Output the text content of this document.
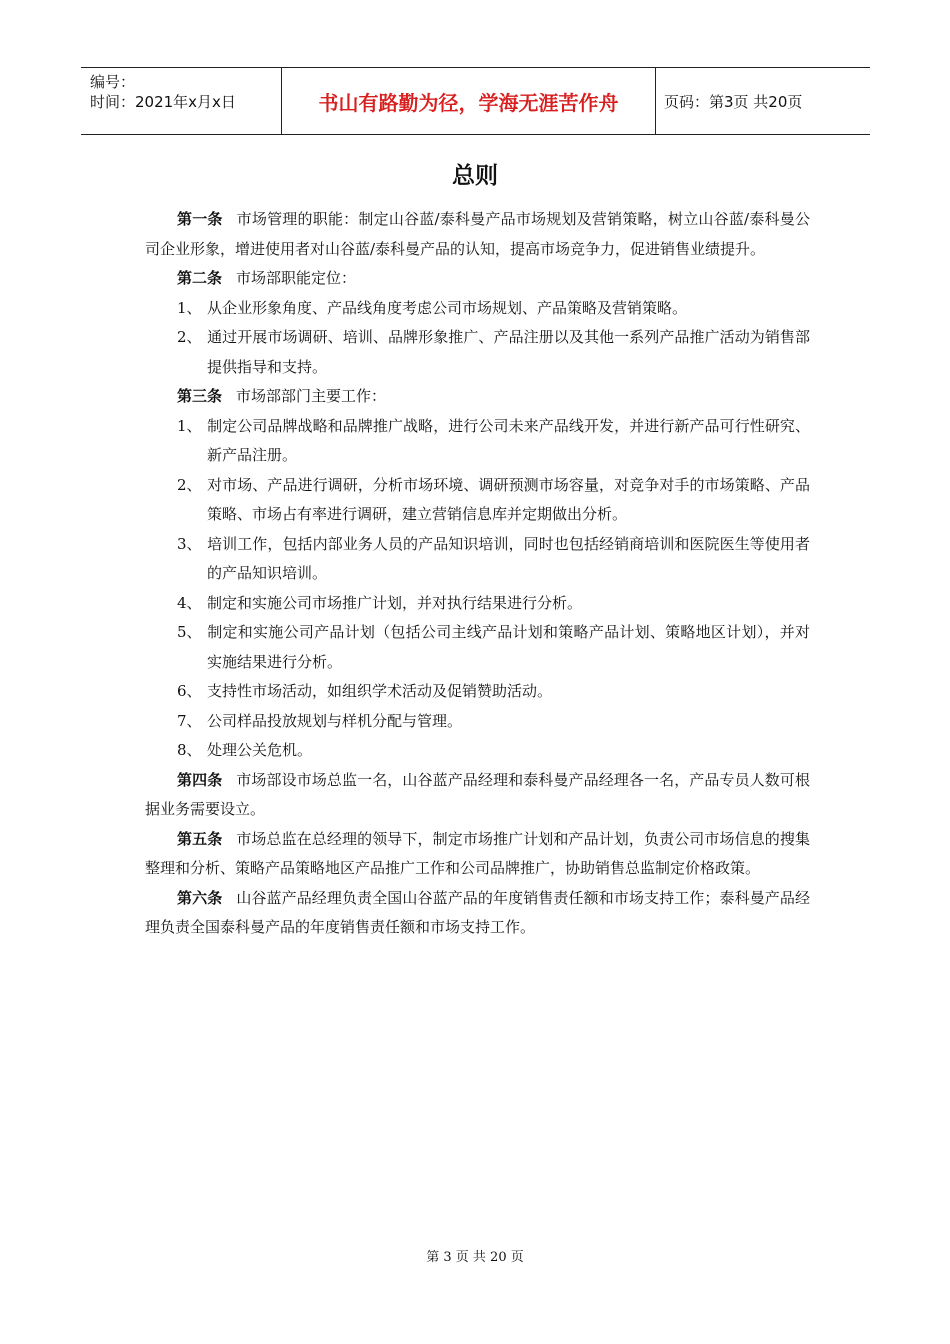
编号：
时间：2021年x月x日	书山有路勤为径，学海无涯苦作舟	页码：第3页 共20页
总则

第一条 市场管理的职能：制定山谷蓝/泰科曼产品市场规划及营销策略，树立山谷蓝/泰科曼公司企业形象，增进使用者对山谷蓝/泰科曼产品的认知，提高市场竞争力，促进销售业绩提升。

第二条 市场部职能定位：

1、 从企业形象角度、产品线角度考虑公司市场规划、产品策略及营销策略。

2、 通过开展市场调研、培训、品牌形象推广、产品注册以及其他一系列产品推广活动为销售部提供指导和支持。

第三条 市场部部门主要工作：

1、 制定公司品牌战略和品牌推广战略，进行公司未来产品线开发，并进行新产品可行性研究、新产品注册。

2、 对市场、产品进行调研，分析市场环境、调研预测市场容量，对竞争对手的市场策略、产品策略、市场占有率进行调研，建立营销信息库并定期做出分析。

3、 培训工作，包括内部业务人员的产品知识培训，同时也包括经销商培训和医院医生等使用者的产品知识培训。

4、 制定和实施公司市场推广计划，并对执行结果进行分析。

5、 制定和实施公司产品计划（包括公司主线产品计划和策略产品计划、策略地区计划），并对实施结果进行分析。

6、 支持性市场活动，如组织学术活动及促销赞助活动。

7、 公司样品投放规划与样机分配与管理。

8、 处理公关危机。

第四条 市场部设市场总监一名，山谷蓝产品经理和泰科曼产品经理各一名，产品专员人数可根据业务需要设立。

第五条 市场总监在总经理的领导下，制定市场推广计划和产品计划，负责公司市场信息的搜集整理和分析、策略产品策略地区产品推广工作和公司品牌推广，协助销售总监制定价格政策。

第六条 山谷蓝产品经理负责全国山谷蓝产品的年度销售责任额和市场支持工作；泰科曼产品经理负责全国泰科曼产品的年度销售责任额和市场支持工作。

第 3 页 共 20 页
